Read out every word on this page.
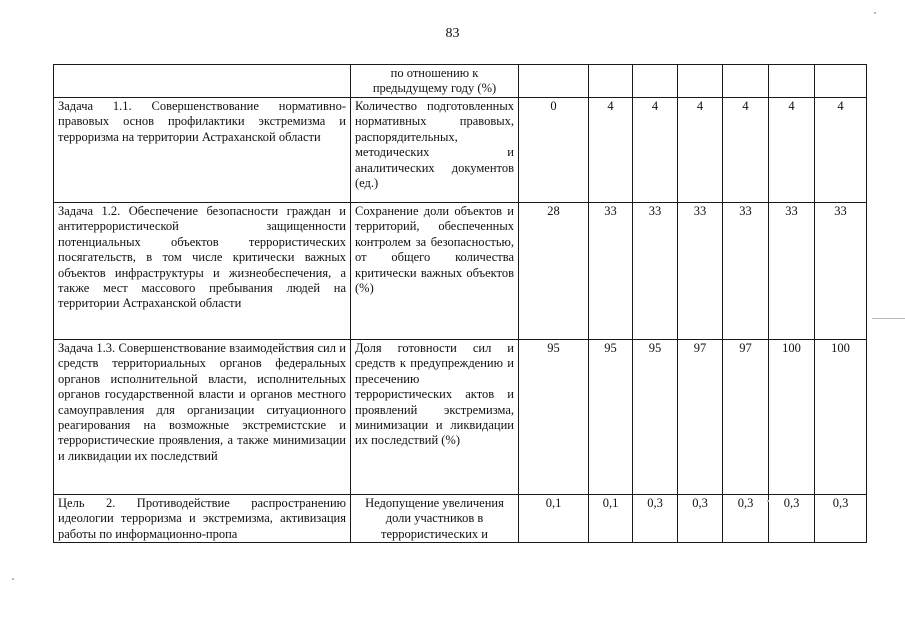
83
	по отношению к предыдущему году (%)							
Задача 1.1. Совершенствование нормативно-правовых основ профилактики экстремизма и терроризма на территории Астраханской области	Количество подготовленных нормативных правовых, распорядительных, методических и аналитических документов (ед.)	0	4	4	4	4	4	4
Задача 1.2. Обеспечение безопасности граждан и антитеррористической защищенности потенциальных объектов террористических посягательств, в том числе критически важных объектов инфраструктуры и жизнеобеспечения, а также мест массового пребывания людей на территории Астраханской области	Сохранение доли объектов и территорий, обеспеченных контролем за безопасностью, от общего количества критически важных объектов (%)	28	33	33	33	33	33	33
Задача 1.3. Совершенствование взаимодействия сил и средств территориальных органов федеральных органов исполнительной власти, исполнительных органов государственной власти и органов местного самоуправления для организации ситуационного реагирования на возможные экстремистские и террористические проявления, а также минимизации и ликвидации их последствий	Доля готовности сил и средств к предупреждению и пресечению террористических актов и проявлений экстремизма, минимизации и ликвидации их последствий (%)	95	95	95	97	97	100	100
Цель 2. Противодействие распространению идеологии терроризма и экстремизма, активизация работы по информационно-пропа	Недопущение увеличения доли участников в террористических и	0,1	0,1	0,3	0,3	0,3	0,3	0,3
